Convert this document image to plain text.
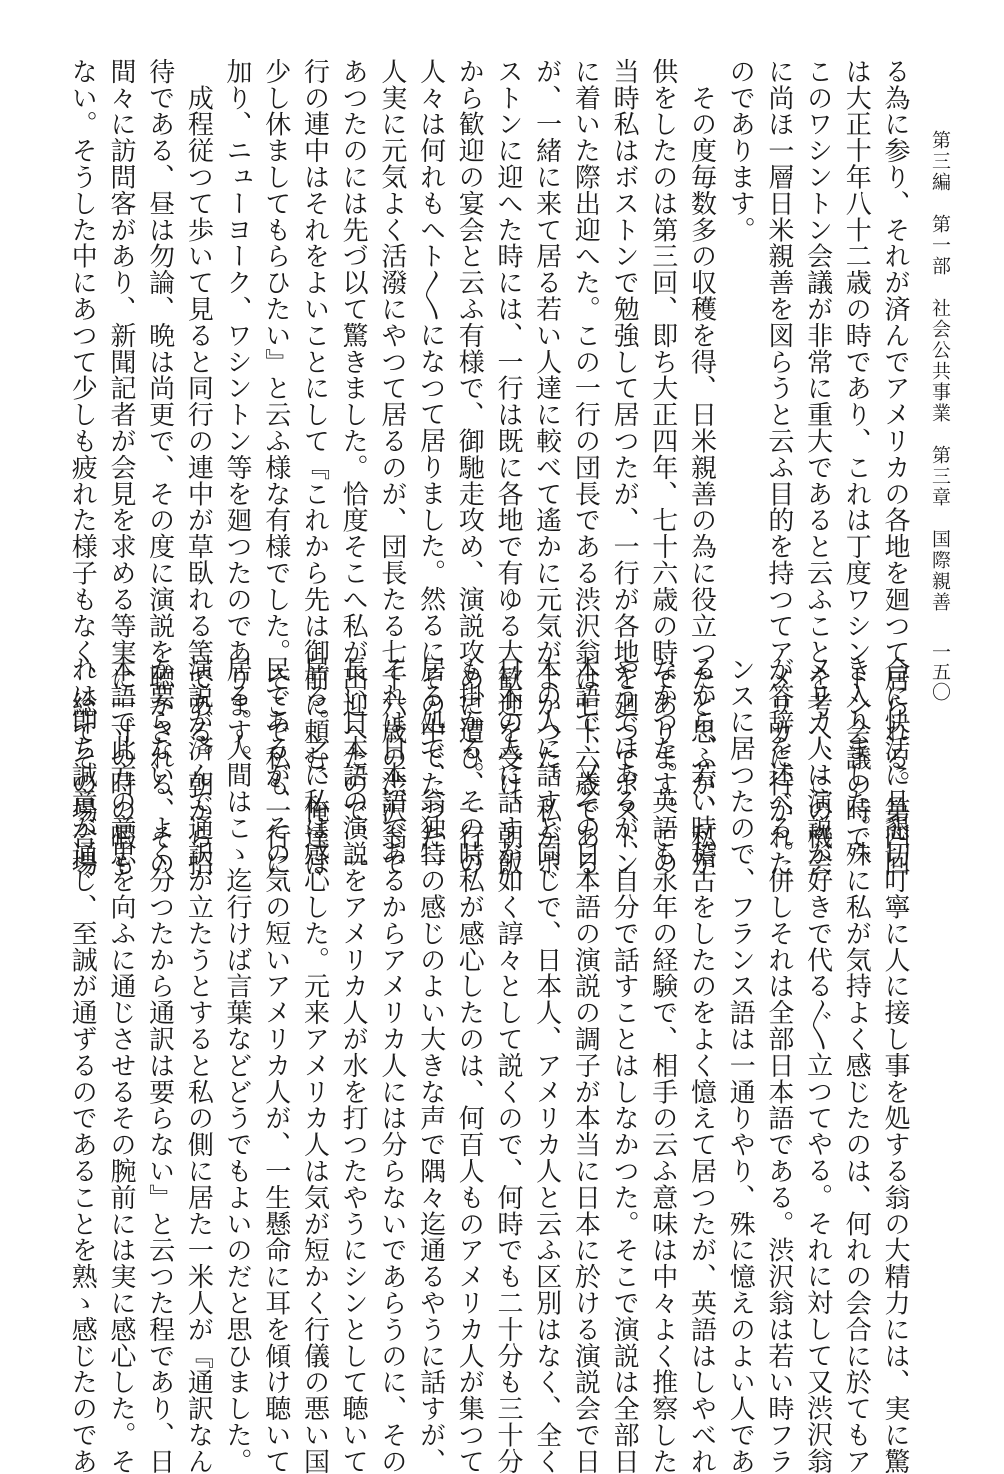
第三編　第一部　社会公共事業　第三章　国際親善
一五〇
る為に参り、それが済んでアメリカの各地を廻つて居られる。第四回
は大正十年八十二歳の時であり、これは丁度ワシントン会議の時で、
このワシントン会議が非常に重大であると云ふことを考へ、この機会
に尚ほ一層日米親善を図らうと云ふ目的を持つてアメリカに行かれた
のであります。
　その度毎数多の収穫を得、日米親善の為に役立つたと思ふが、私が
供をしたのは第三回、即ち大正四年、七十六歳の時であります。この
当時私はボストンで勉強して居つたが、一行が各地を廻つてボストン
に着いた際出迎へた。この一行の団長である渋沢翁は七十六歳である
が、一緒に来て居る若い人達に較べて遙かに元気がよかつた。私がボ
ストンに迎へた時には、一行は既に各地で有ゆる大歓迎を受け、朝飯
から歓迎の宴会と云ふ有様で、御馳走攻め、演説攻めに遭ひ、一行の
人々は何れもヘト〳〵になつて居りました。然るにその中でたつた一
人実に元気よく活潑にやつて居るのが、団長たる七十六歳の渋沢翁で
あつたのには先づ以て驚きました。恰度そこへ私が出迎へたので、一
行の連中はそれをよいことにして『これから先は御前に頼む、俺達は
少し休ましてもらひたい』と云ふ様な有様でした。そこで私も一行に
加り、ニューヨーク、ワシントン等を廻つたのであります。
　成程従つて歩いて見ると同行の連中が草臥れる筈である。朝から招
待である、昼は勿論、晩は尚更で、その度に演説を聴かされる、その
間々に訪問客があり、新聞記者が会見を求める等実に一寸の時の暇も
ない。そうした中にあつて少しも疲れた様子もなく、総てその場合場
合に快活に且懇切叮寧に人に接し事を処する翁の大精力には、実に驚
き入りました。殊に私が気持よく感じたのは、何れの会合に於てもア
メリカ人は演説が好きで代る〴〵立つてやる。それに対して又渋沢翁
が答辞を述べる。併しそれは全部日本語である。渋沢翁は若い時フラ
ンスに居つたので、フランス語は一通りやり、殊に憶えのよい人であ
るから、若い時稽古をしたのをよく憶えて居つたが、英語はしやべれ
なかつた。英語も永年の経験で、相手の云ふ意味は中々よく推察した
やうではあるが、自分で話すことはしなかつた。そこで演説は全部日
本語で、又その日本語の演説の調子が本当に日本に於ける演説会で日
本の人に話すと同じで、日本人、アメリカ人と云ふ区別はなく、全く
日本の人に話すが如く諄々として説くので、何時でも二十分も三十分
も掛かる。その時私が感心したのは、何百人ものアメリカ人が集つて
居る処で、翁独特の感じのよい大きな声で隅々迄通るやうに話すが、
それは日本語であるからアメリカ人には分らないであらうのに、その
長い日本語の演説をアメリカ人が水を打つたやうにシンとして聴いて
居る。之に私は感心した。元来アメリカ人は気が短かく行儀の悪い国
民であるが、その気の短いアメリカ人が、一生懸命に耳を傾け聴いて
居る。人間はこゝ迄行けば言葉などどうでもよいのだと思ひました。
演説が済んで通訳が立たうとすると私の側に居た一米人が『通訳なん
か要らない、よく分つたから通訳は要らない』と云つた程であり、日
本語で此方の意思を向ふに通じさせるその腕前には実に感心した。そ
れは即ち誠意が通じ、至誠が通ずるのであることを熟ゝ感じたのであ
